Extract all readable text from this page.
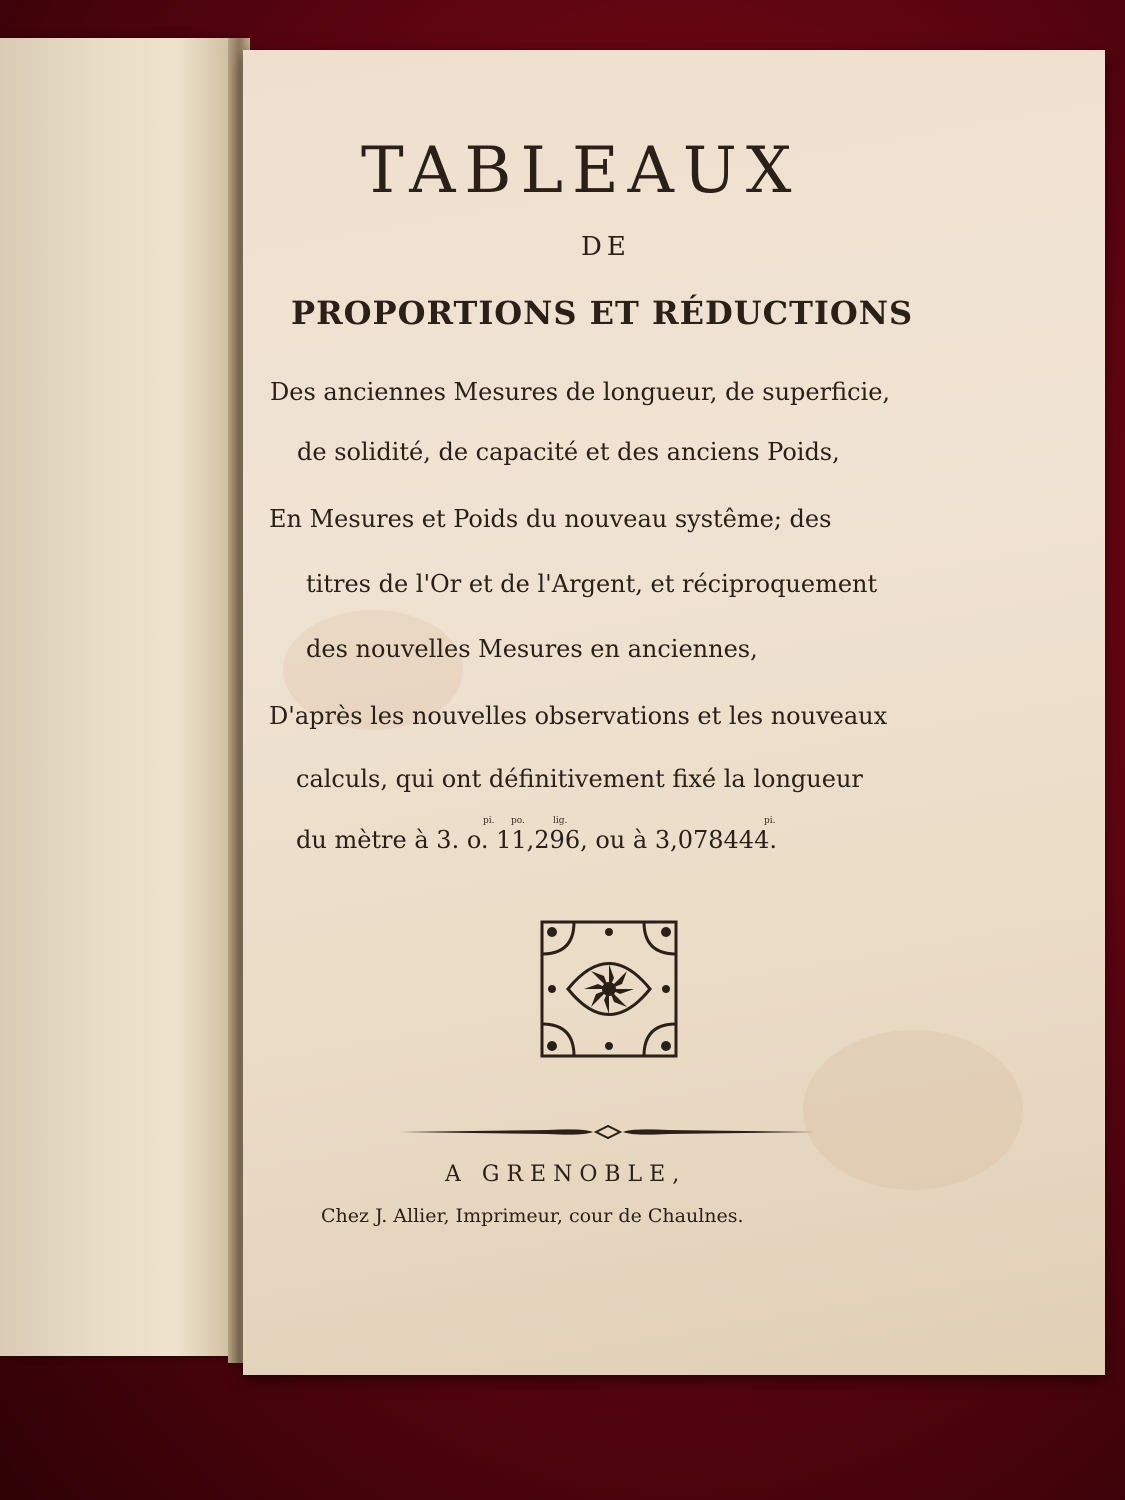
TABLEAUX

DE

PROPORTIONS ET RÉDUCTIONS

Des anciennes Mesures de longueur, de superficie,

de solidité, de capacité et des anciens Poids,

En Mesures et Poids du nouveau systême; des

titres de l'Or et de l'Argent, et réciproquement

des nouvelles Mesures en anciennes,

D'après les nouvelles observations et les nouveaux

calculs, qui ont définitivement fixé la longueur

pi. po.	lig.	pi.

du mètre à 3. o. 11,296, ou à 3,078444.

A GRENOBLE,

Chez J. Allier, Imprimeur, cour de Chaulnes.
